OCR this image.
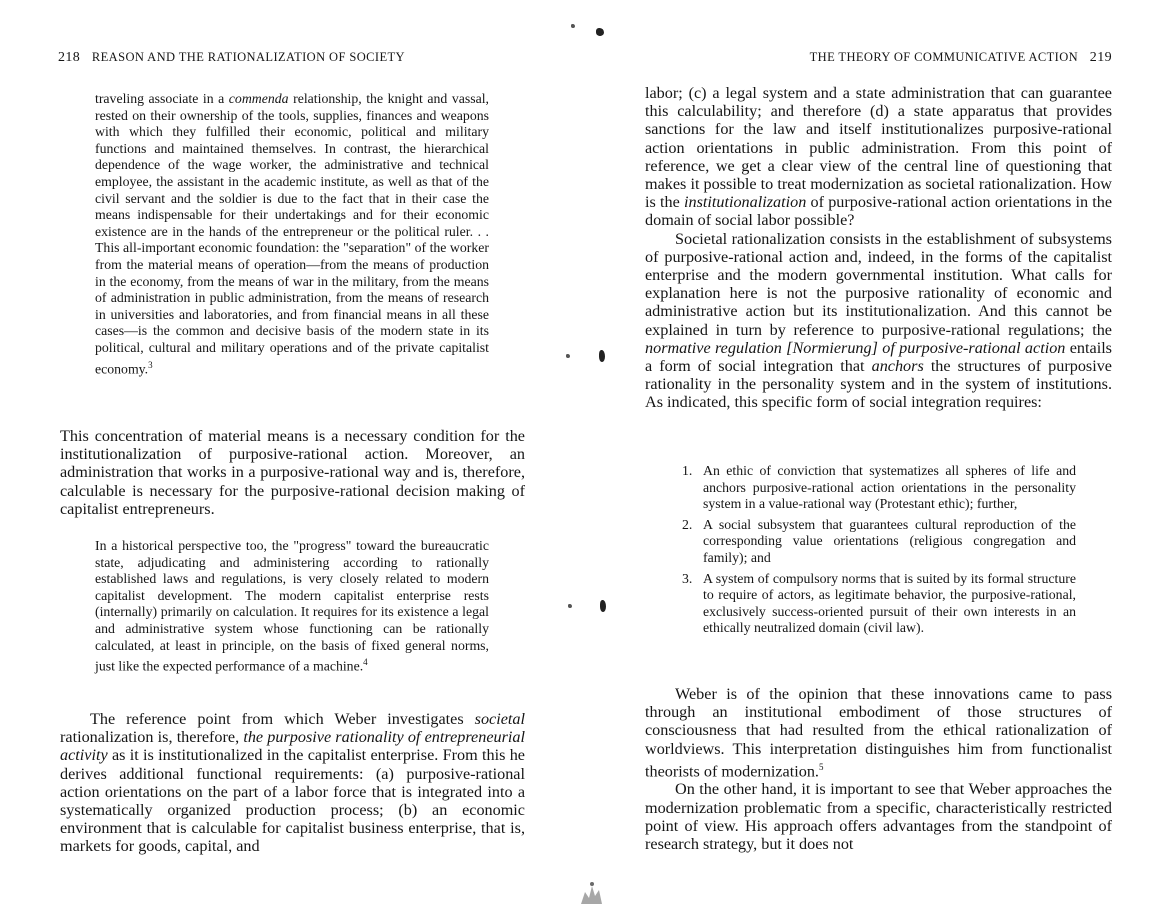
218 REASON AND THE RATIONALIZATION OF SOCIETY

traveling associate in a commenda relationship, the knight and vassal, rested on their ownership of the tools, supplies, finances and weapons with which they fulfilled their economic, political and military functions and maintained themselves. In contrast, the hierarchical dependence of the wage worker, the administrative and technical employee, the assistant in the academic institute, as well as that of the civil servant and the soldier is due to the fact that in their case the means indispensable for their undertakings and for their economic existence are in the hands of the entrepreneur or the political ruler. . . This all-important economic foundation: the "separation" of the worker from the material means of operation—from the means of production in the economy, from the means of war in the military, from the means of administration in public administration, from the means of research in universities and laboratories, and from financial means in all these cases—is the common and decisive basis of the modern state in its political, cultural and military operations and of the private capitalist economy.$^3$

This concentration of material means is a necessary condition for the institutionalization of purposive-rational action. Moreover, an administration that works in a purposive-rational way and is, therefore, calculable is necessary for the purposive-rational decision making of capitalist entrepreneurs.

In a historical perspective too, the "progress" toward the bureaucratic state, adjudicating and administering according to rationally established laws and regulations, is very closely related to modern capitalist development. The modern capitalist enterprise rests (internally) primarily on calculation. It requires for its existence a legal and administrative system whose functioning can be rationally calculated, at least in principle, on the basis of fixed general norms, just like the expected performance of a machine.$^4$

The reference point from which Weber investigates societal rationalization is, therefore, the purposive rationality of entrepreneurial activity as it is institutionalized in the capitalist enterprise. From this he derives additional functional requirements: (a) purposive-rational action orientations on the part of a labor force that is integrated into a systematically organized production process; (b) an economic environment that is calculable for capitalist business enterprise, that is, markets for goods, capital, and

THE THEORY OF COMMUNICATIVE ACTION 219

labor; (c) a legal system and a state administration that can guarantee this calculability; and therefore (d) a state apparatus that provides sanctions for the law and itself institutionalizes purposive-rational action orientations in public administration. From this point of reference, we get a clear view of the central line of questioning that makes it possible to treat modernization as societal rationalization. How is the institutionalization of purposive-rational action orientations in the domain of social labor possible?

Societal rationalization consists in the establishment of subsystems of purposive-rational action and, indeed, in the forms of the capitalist enterprise and the modern governmental institution. What calls for explanation here is not the purposive rationality of economic and administrative action but its institutionalization. And this cannot be explained in turn by reference to purposive-rational regulations; the normative regulation [Normierung] of purposive-rational action entails a form of social integration that anchors the structures of purposive rationality in the personality system and in the system of institutions. As indicated, this specific form of social integration requires:

1. An ethic of conviction that systematizes all spheres of life and anchors purposive-rational action orientations in the personality system in a value-rational way (Protestant ethic); further,
2. A social subsystem that guarantees cultural reproduction of the corresponding value orientations (religious congregation and family); and
3. A system of compulsory norms that is suited by its formal structure to require of actors, as legitimate behavior, the purposive-rational, exclusively success-oriented pursuit of their own interests in an ethically neutralized domain (civil law).

Weber is of the opinion that these innovations came to pass through an institutional embodiment of those structures of consciousness that had resulted from the ethical rationalization of worldviews. This interpretation distinguishes him from functionalist theorists of modernization.$^5$

On the other hand, it is important to see that Weber approaches the modernization problematic from a specific, characteristically restricted point of view. His approach offers advantages from the standpoint of research strategy, but it does not
